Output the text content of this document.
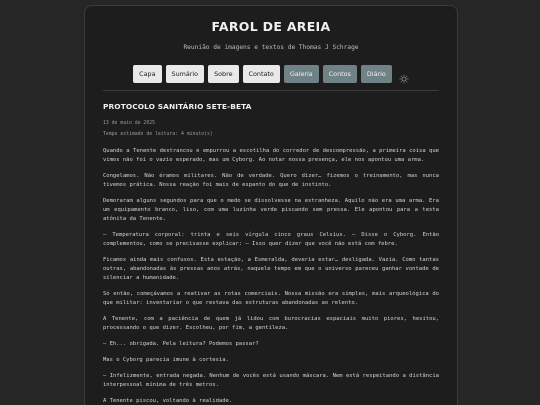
FAROL DE AREIA
Reunião de imagens e textos de Thomas J Schrage
Capa	Sumário	Sobre	Contato	Galeria	Contos	Diário
PROTOCOLO SANITÁRIO SETE-BETA
13 de maio de 2025
Tempo estimado de leitura: 4 minuto(s)

Quando a Tenente destrancou e empurrou a escotilha do corredor de descompressão, a primeira coisa que vimos não foi o vazio esperado, mas um Cyborg. Ao notar nossa presença, ele nos apontou uma arma.

Congelamos. Não éramos militares. Não de verdade. Quero dizer… fizemos o treinamento, mas nunca tivemos prática. Nossa reação foi mais de espanto do que de instinto.

Demoraram alguns segundos para que o medo se dissolvesse na estranheza. Aquilo não era uma arma. Era um equipamento branco, liso, com uma luzinha verde piscando sem pressa. Ele apontou para a testa atônita da Tenente.

— Temperatura corporal: trinta e seis vírgula cinco graus Celsius. — Disse o Cyborg. Então complementou, como se precisasse explicar: — Isso quer dizer que você não está com febre.

Ficamos ainda mais confusos. Esta estação, a Esmeralda, deveria estar… desligada. Vazia. Como tantas outras, abandonadas às pressas anos atrás, naquele tempo em que o universo pareceu ganhar vontade de silenciar a humanidade.

Só então, começávamos a reativar as rotas comerciais. Nossa missão era simples, mais arqueológica do que militar: inventariar o que restava das estruturas abandonadas ao relento.

A Tenente, com a paciência de quem já lidou com burocracias espaciais muito piores, hesitou, processando o que dizer. Escolheu, por fim, a gentileza.

— Eh... obrigada. Pela leitura? Podemos passar?

Mas o Cyborg parecia imune à cortesia.

— Infelizmente, entrada negada. Nenhum de vocês está usando máscara. Nem está respeitando a distância interpessoal mínima de três metros.

A Tenente piscou, voltando à realidade.
